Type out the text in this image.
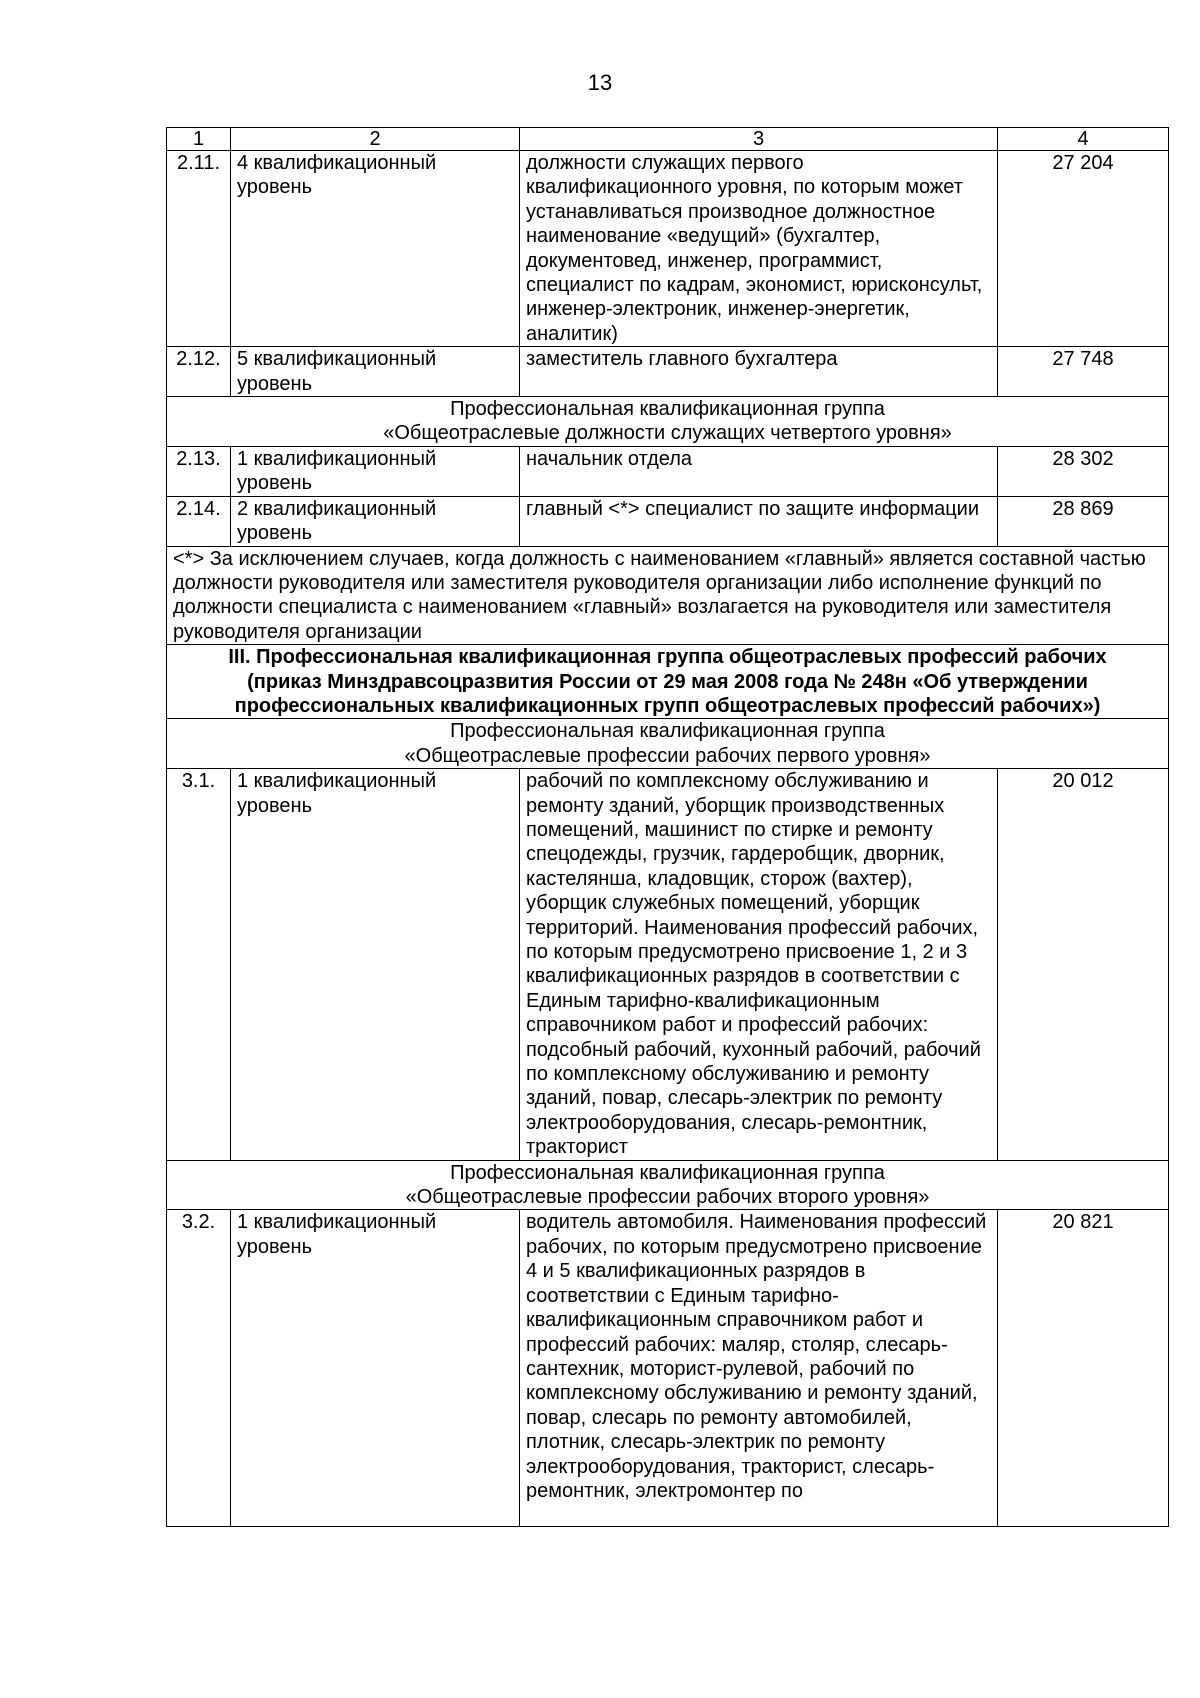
13
1	2	3	4
2.11.	4 квалификационный уровень	должности служащих первого квалификационного уровня, по которым может устанавливаться производное должностное наименование «ведущий» (бухгалтер, документовед, инженер, программист, специалист по кадрам, экономист, юрисконсульт, инженер-электроник, инженер-энергетик, аналитик)	27 204
2.12.	5 квалификационный уровень	заместитель главного бухгалтера	27 748

Профессиональная квалификационная группа
«Общеотраслевые должности служащих четвертого уровня»			

2.13.	1 квалификационный уровень	начальник отдела	28 302
2.14.	2 квалификационный уровень	главный <*> специалист по защите информации	28 869
<*> За исключением случаев, когда должность с наименованием «главный» является составной частью должности руководителя или заместителя руководителя организации либо исполнение функций по должности специалиста с наименованием «главный» возлагается на руководителя или заместителя руководителя организации			

III. Профессиональная квалификационная группа общеотраслевых профессий рабочих
(приказ Минздравсоцразвития России от 29 мая 2008 года № 248н «Об утверждении
профессиональных квалификационных групп общеотраслевых профессий рабочих»)			

Профессиональная квалификационная группа
«Общеотраслевые профессии рабочих первого уровня»			

3.1.	1 квалификационный уровень	рабочий по комплексному обслуживанию и ремонту зданий, уборщик производственных помещений, машинист по стирке и ремонту спецодежды, грузчик, гардеробщик, дворник, кастелянша, кладовщик, сторож (вахтер), уборщик служебных помещений, уборщик территорий. Наименования профессий рабочих, по которым предусмотрено присвоение 1, 2 и 3 квалификационных разрядов в соответствии с Единым тарифно-квалификационным справочником работ и профессий рабочих: подсобный рабочий, кухонный рабочий, рабочий по комплексному обслуживанию и ремонту зданий, повар, слесарь-электрик по ремонту электрооборудования, слесарь-ремонтник, тракторист	20 012

Профессиональная квалификационная группа
«Общеотраслевые профессии рабочих второго уровня»			

3.2.	1 квалификационный уровень	водитель автомобиля. Наименования профессий рабочих, по которым предусмотрено присвоение 4 и 5 квалификационных разрядов в соответствии с Единым тарифно-квалификационным справочником работ и профессий рабочих: маляр, столяр, слесарь-сантехник, моторист-рулевой, рабочий по комплексному обслуживанию и ремонту зданий, повар, слесарь по ремонту автомобилей, плотник, слесарь-электрик по ремонту электрооборудования, тракторист, слесарь-ремонтник, электромонтер по	20 821
